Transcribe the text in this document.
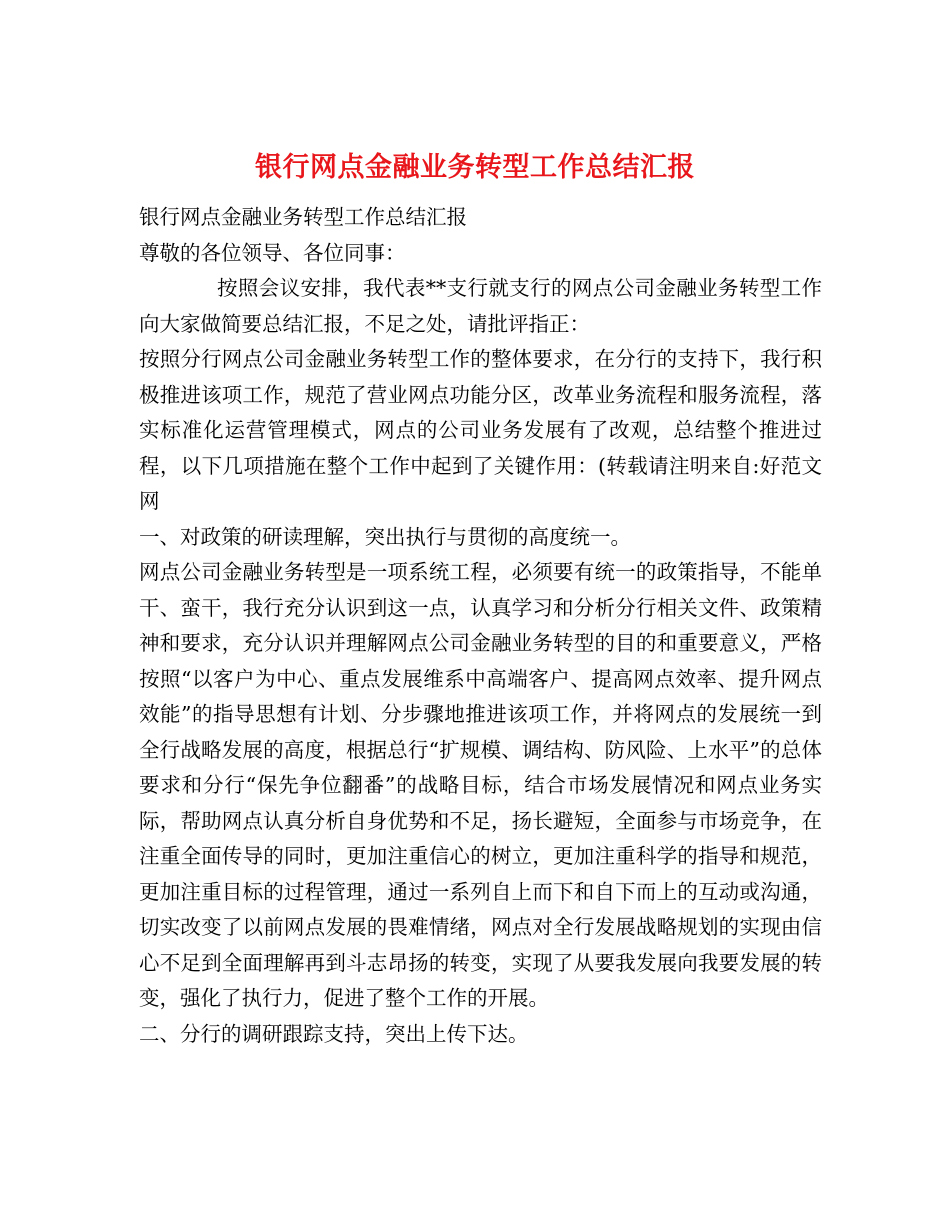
银行网点金融业务转型工作总结汇报

银行网点金融业务转型工作总结汇报

尊敬的各位领导、各位同事：

按照会议安排，我代表**支行就支行的网点公司金融业务转型工作向大家做简要总结汇报，不足之处，请批评指正：

按照分行网点公司金融业务转型工作的整体要求，在分行的支持下，我行积极推进该项工作，规范了营业网点功能分区，改革业务流程和服务流程，落实标准化运营管理模式，网点的公司业务发展有了改观，总结整个推进过程，以下几项措施在整个工作中起到了关键作用：(转载请注明来自:好范文网

一、对政策的研读理解，突出执行与贯彻的高度统一。

网点公司金融业务转型是一项系统工程，必须要有统一的政策指导，不能单干、蛮干，我行充分认识到这一点，认真学习和分析分行相关文件、政策精神和要求，充分认识并理解网点公司金融业务转型的目的和重要意义，严格按照“以客户为中心、重点发展维系中高端客户、提高网点效率、提升网点效能”的指导思想有计划、分步骤地推进该项工作，并将网点的发展统一到全行战略发展的高度，根据总行“扩规模、调结构、防风险、上水平”的总体要求和分行“保先争位翻番”的战略目标，结合市场发展情况和网点业务实际，帮助网点认真分析自身优势和不足，扬长避短，全面参与市场竞争，在注重全面传导的同时，更加注重信心的树立，更加注重科学的指导和规范，更加注重目标的过程管理，通过一系列自上而下和自下而上的互动或沟通，切实改变了以前网点发展的畏难情绪，网点对全行发展战略规划的实现由信心不足到全面理解再到斗志昂扬的转变，实现了从要我发展向我要发展的转变，强化了执行力，促进了整个工作的开展。

二、分行的调研跟踪支持，突出上传下达。
